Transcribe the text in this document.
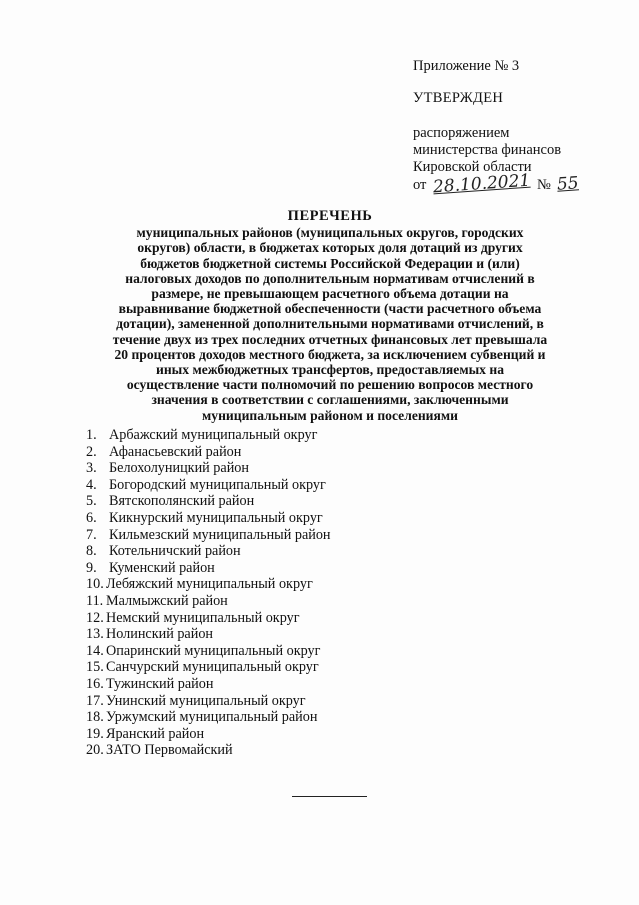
Приложение № 3
УТВЕРЖДЕН
распоряжением
министерства финансов
Кировской области
от 28.10.2021 № 55
ПЕРЕЧЕНЬ
муниципальных районов (муниципальных округов, городских
округов) области, в бюджетах которых доля дотаций из других
бюджетов бюджетной системы Российской Федерации и (или)
налоговых доходов по дополнительным нормативам отчислений в
размере, не превышающем расчетного объема дотации на
выравнивание бюджетной обеспеченности (части расчетного объема
дотации), замененной дополнительными нормативами отчислений, в
течение двух из трех последних отчетных финансовых лет превышала
20 процентов доходов местного бюджета, за исключением субвенций и
иных межбюджетных трансфертов, предоставляемых на
осуществление части полномочий по решению вопросов местного
значения в соответствии с соглашениями, заключенными
муниципальным районом и поселениями
1. Арбажский муниципальный округ
2. Афанасьевский район
3. Белохолуницкий район
4. Богородский муниципальный округ
5. Вятскополянский район
6. Кикнурский муниципальный округ
7. Кильмезский муниципальный район
8. Котельничский район
9. Куменский район
10. Лебяжский муниципальный округ
11. Малмыжский район
12. Немский муниципальный округ
13. Нолинский район
14. Опаринский муниципальный округ
15. Санчурский муниципальный округ
16. Тужинский район
17. Унинский муниципальный округ
18. Уржумский муниципальный район
19. Яранский район
20. ЗАТО Первомайский
